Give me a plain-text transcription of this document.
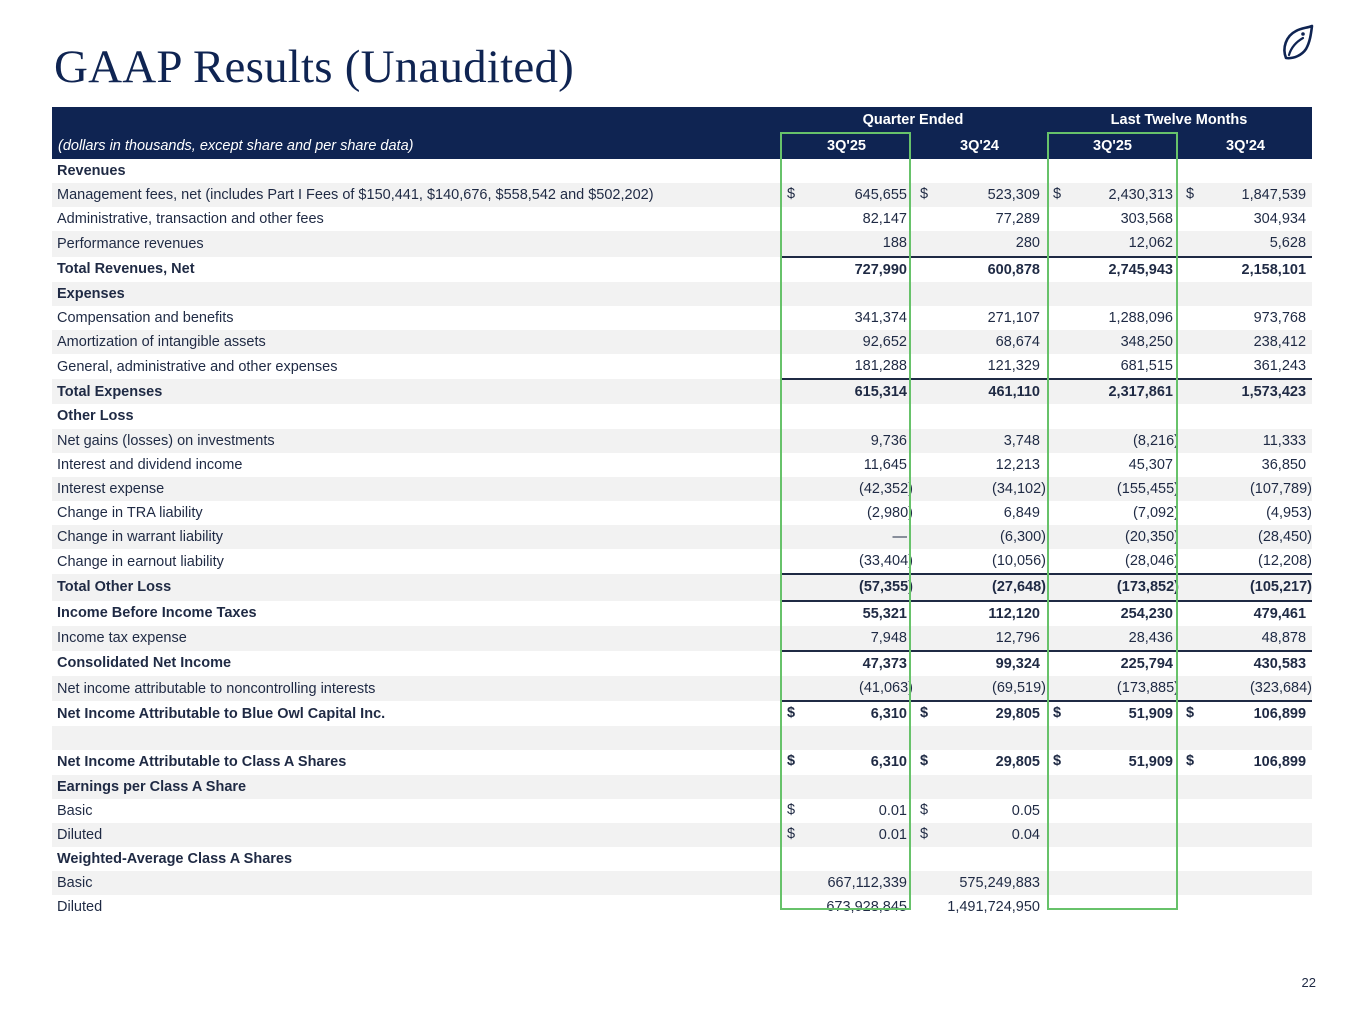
GAAP Results (Unaudited)
	Quarter Ended		Last Twelve Months	
(dollars in thousands, except share and per share data)	3Q'25	3Q'24	3Q'25	3Q'24
Revenues	

Management fees, net (includes Part I Fees of $150,441, $140,676, $558,542 and $502,202)	$ 645,655	$ 523,309	$ 2,430,313	$ 1,847,539
Administrative, transaction and other fees	82,147	77,289	303,568	304,934
Performance revenues	188	280	12,062	5,628
Total Revenues, Net	727,990	600,878	2,745,943	2,158,101
Expenses	

Compensation and benefits	341,374	271,107	1,288,096	973,768
Amortization of intangible assets	92,652	68,674	348,250	238,412
General, administrative and other expenses	181,288	121,329	681,515	361,243
Total Expenses	615,314	461,110	2,317,861	1,573,423
Other Loss	

Net gains (losses) on investments	9,736	3,748	(8,216)	11,333
Interest and dividend income	11,645	12,213	45,307	36,850
Interest expense	(42,352)	(34,102)	(155,455)	(107,789)
Change in TRA liability	(2,980)	6,849	(7,092)	(4,953)
Change in warrant liability	—	(6,300)	(20,350)	(28,450)
Change in earnout liability	(33,404)	(10,056)	(28,046)	(12,208)
Total Other Loss	(57,355)	(27,648)	(173,852)	(105,217)
Income Before Income Taxes	55,321	112,120	254,230	479,461
Income tax expense	7,948	12,796	28,436	48,878
Consolidated Net Income	47,373	99,324	225,794	430,583
Net income attributable to noncontrolling interests	(41,063)	(69,519)	(173,885)	(323,684)
Net Income Attributable to Blue Owl Capital Inc.	$ 6,310	$ 29,805	$ 51,909	$ 106,899

Net Income Attributable to Class A Shares	$ 6,310	$ 29,805	$ 51,909	$ 106,899
Earnings per Class A Share	

Basic	$ 0.01	$ 0.05	

Diluted	$ 0.01	$ 0.04	

Weighted-Average Class A Shares	

Basic	667,112,339	575,249,883	

Diluted	673,928,845	1,491,724,950	

22
